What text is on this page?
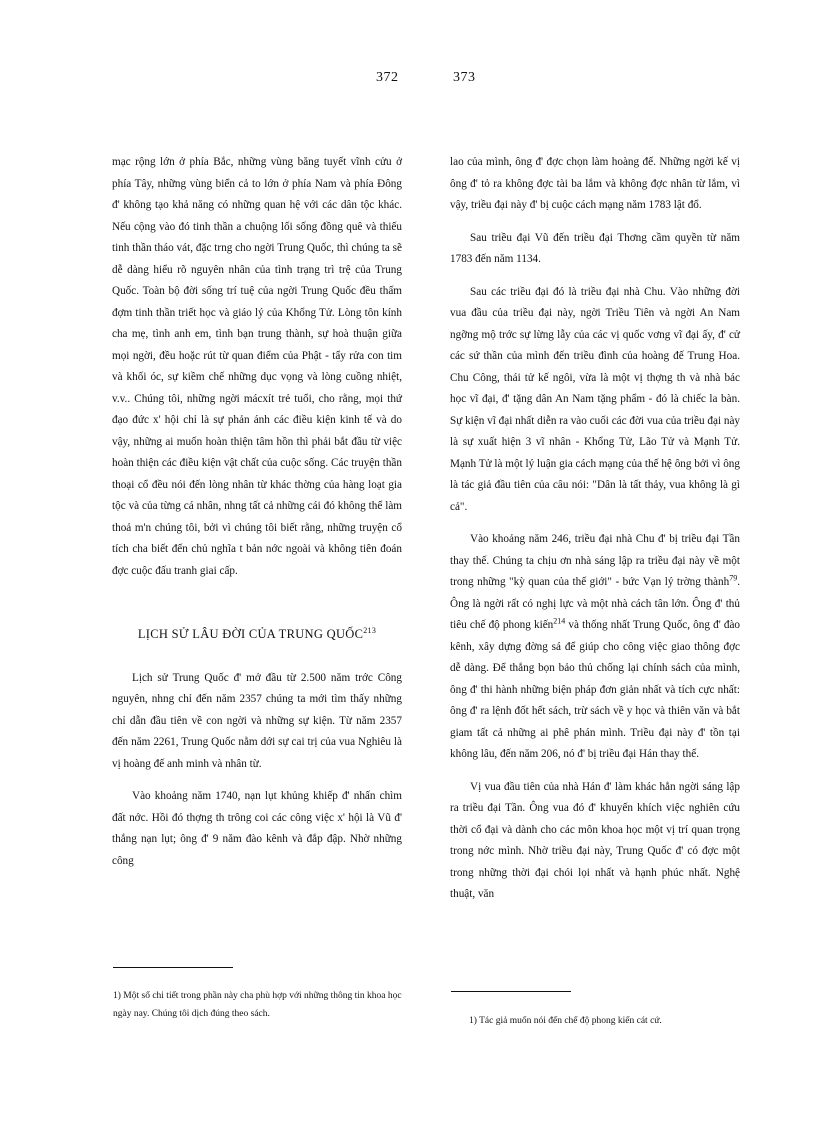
372	373

mạc rộng lớn ở phía Bắc, những vùng băng tuyết vĩnh cửu ở phía Tây, những vùng biển cả to lớn ở phía Nam và phía Đông đ' không tạo khả năng có những quan hệ với các dân tộc khác. Nếu cộng vào đó tinh thần a chuộng lối sống đồng quê và thiếu tinh thần tháo vát, đặc trng cho ngời Trung Quốc, thì chúng ta sẽ dễ dàng hiểu rõ nguyên nhân của tình trạng trì trệ của Trung Quốc. Toàn bộ đời sống trí tuệ của ngời Trung Quốc đều thấm đợm tinh thần triết học và giáo lý của Khổng Tử. Lòng tôn kính cha mẹ, tình anh em, tình bạn trung thành, sự hoà thuận giữa mọi ngời, đều hoặc rút từ quan điểm của Phật - tẩy rửa con tim và khối óc, sự kiềm chế những dục vọng và lòng cuồng nhiệt, v.v.. Chúng tôi, những ngời mácxít trẻ tuổi, cho rằng, mọi thứ đạo đức x' hội chỉ là sự phản ánh các điều kiện kinh tế và do vậy, những ai muốn hoàn thiện tâm hồn thì phải bắt đầu từ việc hoàn thiện các điều kiện vật chất của cuộc sống. Các truyện thần thoại cổ đều nói đến lòng nhân từ khác thờng của hàng loạt gia tộc và của từng cá nhân, nhng tất cả những cái đó không thể làm thoả m'n chúng tôi, bởi vì chúng tôi biết rằng, những truyện cổ tích cha biết đến chủ nghĩa t bản nớc ngoài và không tiên đoán đợc cuộc đấu tranh giai cấp.

LỊCH SỬ LÂU ĐỜI CỦA TRUNG QUỐC$^{213}$

Lịch sử Trung Quốc đ' mở đầu từ 2.500 năm trớc Công nguyên, nhng chỉ đến năm 2357 chúng ta mới tìm thấy những chỉ dẫn đầu tiên về con ngời và những sự kiện. Từ năm 2357 đến năm 2261, Trung Quốc nằm dới sự cai trị của vua Nghiêu là vị hoàng đế anh minh và nhân từ.

Vào khoảng năm 1740, nạn lụt khủng khiếp đ' nhấn chìm đất nớc. Hồi đó thợng th trông coi các công việc x' hội là Vũ đ' thắng nạn lụt; ông đ' 9 năm đào kênh và đắp đập. Nhờ những công

1) Một số chi tiết trong phần này cha phù hợp với những thông tin khoa học ngày nay. Chúng tôi dịch đúng theo sách.

lao của mình, ông đ' đợc chọn làm hoàng đế. Những ngời kế vị ông đ' tỏ ra không đợc tài ba lắm và không đợc nhân từ lắm, vì vậy, triều đại này đ' bị cuộc cách mạng năm 1783 lật đổ.

Sau triều đại Vũ đến triều đại Thơng cầm quyền từ năm 1783 đến năm 1134.

Sau các triều đại đó là triều đại nhà Chu. Vào những đời vua đầu của triều đại này, ngời Triều Tiên và ngời An Nam ngỡng mộ trớc sự lừng lẫy của các vị quốc vơng vĩ đại ấy, đ' cử các sứ thần của mình đến triều đình của hoàng đế Trung Hoa. Chu Công, thái tử kế ngôi, vừa là một vị thợng th và nhà bác học vĩ đại, đ' tặng dân An Nam tặng phẩm - đó là chiếc la bàn. Sự kiện vĩ đại nhất diễn ra vào cuối các đời vua của triều đại này là sự xuất hiện 3 vĩ nhân - Khổng Tử, Lão Tử và Mạnh Tử. Mạnh Tử là một lý luận gia cách mạng của thế hệ ông bởi vì ông là tác giả đầu tiên của câu nói: "Dân là tất thảy, vua không là gì cả".

Vào khoảng năm 246, triều đại nhà Chu đ' bị triều đại Tần thay thế. Chúng ta chịu ơn nhà sáng lập ra triều đại này về một trong những "kỳ quan của thế giới" - bức Vạn lý trờng thành$^{79}$. Ông là ngời rất có nghị lực và một nhà cách tân lớn. Ông đ' thủ tiêu chế độ phong kiến$^{214}$ và thống nhất Trung Quốc, ông đ' đào kênh, xây dựng đờng sá để giúp cho công việc giao thông đợc dễ dàng. Để thắng bọn bảo thủ chống lại chính sách của mình, ông đ' thi hành những biện pháp đơn giản nhất và tích cực nhất: ông đ' ra lệnh đốt hết sách, trừ sách về y học và thiên văn và bắt giam tất cả những ai phê phán mình. Triều đại này đ' tồn tại không lâu, đến năm 206, nó đ' bị triều đại Hán thay thế.

Vị vua đầu tiên của nhà Hán đ' làm khác hẳn ngời sáng lập ra triều đại Tần. Ông vua đó đ' khuyến khích việc nghiên cứu thời cổ đại và dành cho các môn khoa học một vị trí quan trọng trong nớc mình. Nhờ triều đại này, Trung Quốc đ' có đợc một trong những thời đại chói lọi nhất và hạnh phúc nhất. Nghệ thuật, văn

1) Tác giả muốn nói đến chế độ phong kiến cát cứ.
